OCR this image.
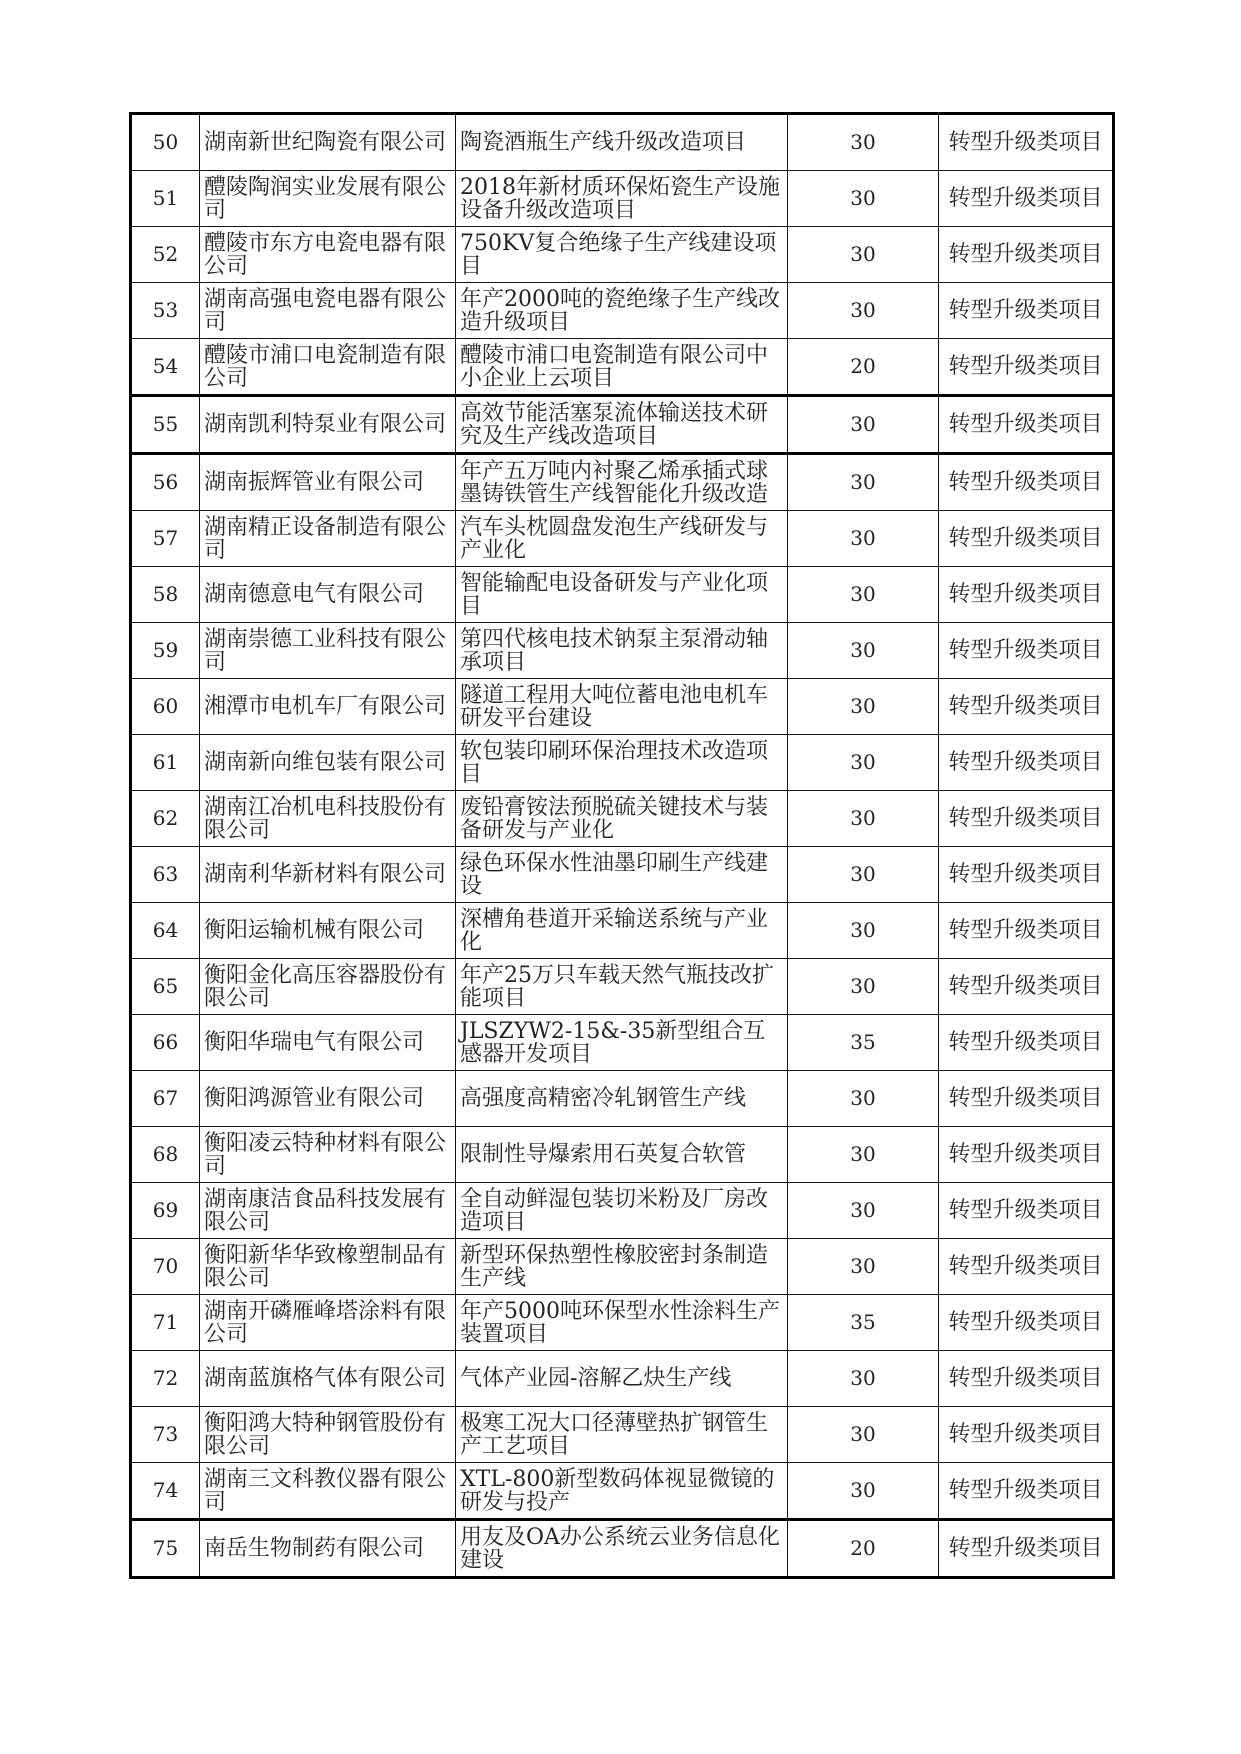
50	湖南新世纪陶瓷有限公司	陶瓷酒瓶生产线升级改造项目	30	转型升级类项目
51	醴陵陶润实业发展有限公司	2018年新材质环保炻瓷生产设施设备升级改造项目	30	转型升级类项目
52	醴陵市东方电瓷电器有限公司	750KV复合绝缘子生产线建设项目	30	转型升级类项目
53	湖南高强电瓷电器有限公司	年产2000吨的瓷绝缘子生产线改造升级项目	30	转型升级类项目
54	醴陵市浦口电瓷制造有限公司	醴陵市浦口电瓷制造有限公司中小企业上云项目	20	转型升级类项目
55	湖南凯利特泵业有限公司	高效节能活塞泵流体输送技术研究及生产线改造项目	30	转型升级类项目
56	湖南振辉管业有限公司	年产五万吨内衬聚乙烯承插式球墨铸铁管生产线智能化升级改造	30	转型升级类项目
57	湖南精正设备制造有限公司	汽车头枕圆盘发泡生产线研发与产业化	30	转型升级类项目
58	湖南德意电气有限公司	智能输配电设备研发与产业化项目	30	转型升级类项目
59	湖南崇德工业科技有限公司	第四代核电技术钠泵主泵滑动轴承项目	30	转型升级类项目
60	湘潭市电机车厂有限公司	隧道工程用大吨位蓄电池电机车研发平台建设	30	转型升级类项目
61	湖南新向维包装有限公司	软包装印刷环保治理技术改造项目	30	转型升级类项目
62	湖南江冶机电科技股份有限公司	废铅膏铵法预脱硫关键技术与装备研发与产业化	30	转型升级类项目
63	湖南利华新材料有限公司	绿色环保水性油墨印刷生产线建设	30	转型升级类项目
64	衡阳运输机械有限公司	深槽角巷道开采输送系统与产业化	30	转型升级类项目
65	衡阳金化高压容器股份有限公司	年产25万只车载天然气瓶技改扩能项目	30	转型升级类项目
66	衡阳华瑞电气有限公司	JLSZYW2-15&-35新型组合互感器开发项目	35	转型升级类项目
67	衡阳鸿源管业有限公司	高强度高精密冷轧钢管生产线	30	转型升级类项目
68	衡阳凌云特种材料有限公司	限制性导爆索用石英复合软管	30	转型升级类项目
69	湖南康洁食品科技发展有限公司	全自动鲜湿包装切米粉及厂房改造项目	30	转型升级类项目
70	衡阳新华华致橡塑制品有限公司	新型环保热塑性橡胶密封条制造生产线	30	转型升级类项目
71	湖南开磷雁峰塔涂料有限公司	年产5000吨环保型水性涂料生产装置项目	35	转型升级类项目
72	湖南蓝旗格气体有限公司	气体产业园-溶解乙炔生产线	30	转型升级类项目
73	衡阳鸿大特种钢管股份有限公司	极寒工况大口径薄壁热扩钢管生产工艺项目	30	转型升级类项目
74	湖南三文科教仪器有限公司	XTL-800新型数码体视显微镜的研发与投产	30	转型升级类项目
75	南岳生物制药有限公司	用友及OA办公系统云业务信息化建设	20	转型升级类项目
